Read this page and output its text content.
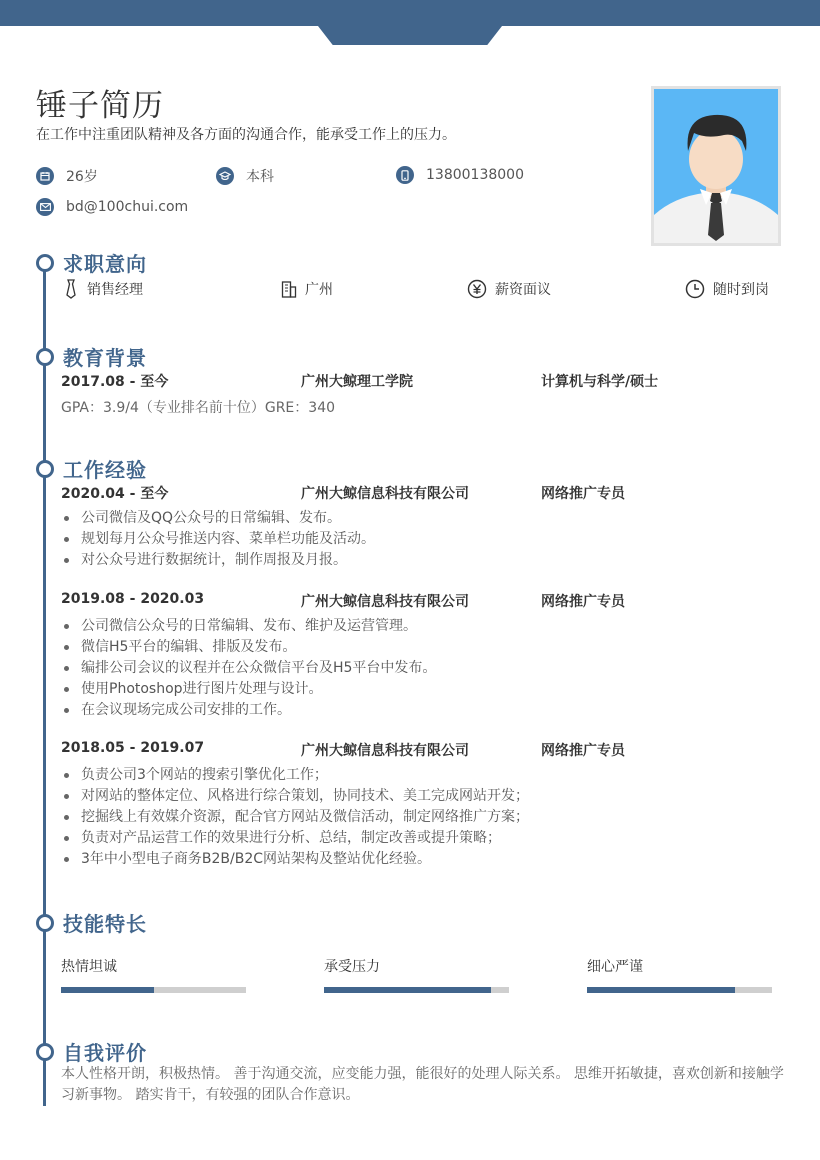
锤子简历
在工作中注重团队精神及各方面的沟通合作，能承受工作上的压力。
26岁	本科	13800138000
bd@100chui.com
求职意向
销售经理	广州	薪资面议	随时到岗
教育背景
2017.08 - 至今	广州大鲸理工学院	计算机与科学/硕士
GPA：3.9/4（专业排名前十位）GRE：340
工作经验
2020.04 - 至今	广州大鲸信息科技有限公司	网络推广专员
公司微信及QQ公众号的日常编辑、发布。
规划每月公众号推送内容、菜单栏功能及活动。
对公众号进行数据统计，制作周报及月报。
2019.08 - 2020.03	广州大鲸信息科技有限公司	网络推广专员
公司微信公众号的日常编辑、发布、维护及运营管理。
微信H5平台的编辑、排版及发布。
编排公司会议的议程并在公众微信平台及H5平台中发布。
使用Photoshop进行图片处理与设计。
在会议现场完成公司安排的工作。
2018.05 - 2019.07	广州大鲸信息科技有限公司	网络推广专员
负责公司3个网站的搜索引擎优化工作；
对网站的整体定位、风格进行综合策划，协同技术、美工完成网站开发；
挖掘线上有效媒介资源，配合官方网站及微信活动，制定网络推广方案；
负责对产品运营工作的效果进行分析、总结，制定改善或提升策略；
3年中小型电子商务B2B/B2C网站架构及整站优化经验。
技能特长
热情坦诚	承受压力	细心严谨
自我评价
本人性格开朗，积极热情。 善于沟通交流，应变能力强，能很好的处理人际关系。 思维开拓敏捷，喜欢创新和接触学习新事物。 踏实肯干，有较强的团队合作意识。
